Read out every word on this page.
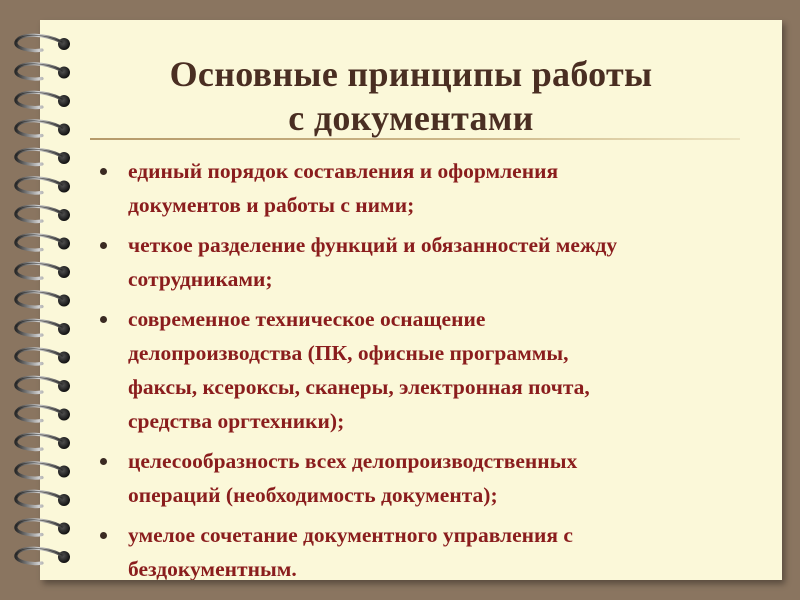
Основные принципы работы
с документами
единый порядок составления и оформления
документов и работы с ними;
четкое разделение функций и обязанностей между
сотрудниками;
современное техническое оснащение
делопроизводства (ПК, офисные программы,
факсы, ксероксы, сканеры, электронная почта,
средства оргтехники);
целесообразность всех делопроизводственных
операций (необходимость документа);
умелое сочетание документного управления с
бездокументным.
